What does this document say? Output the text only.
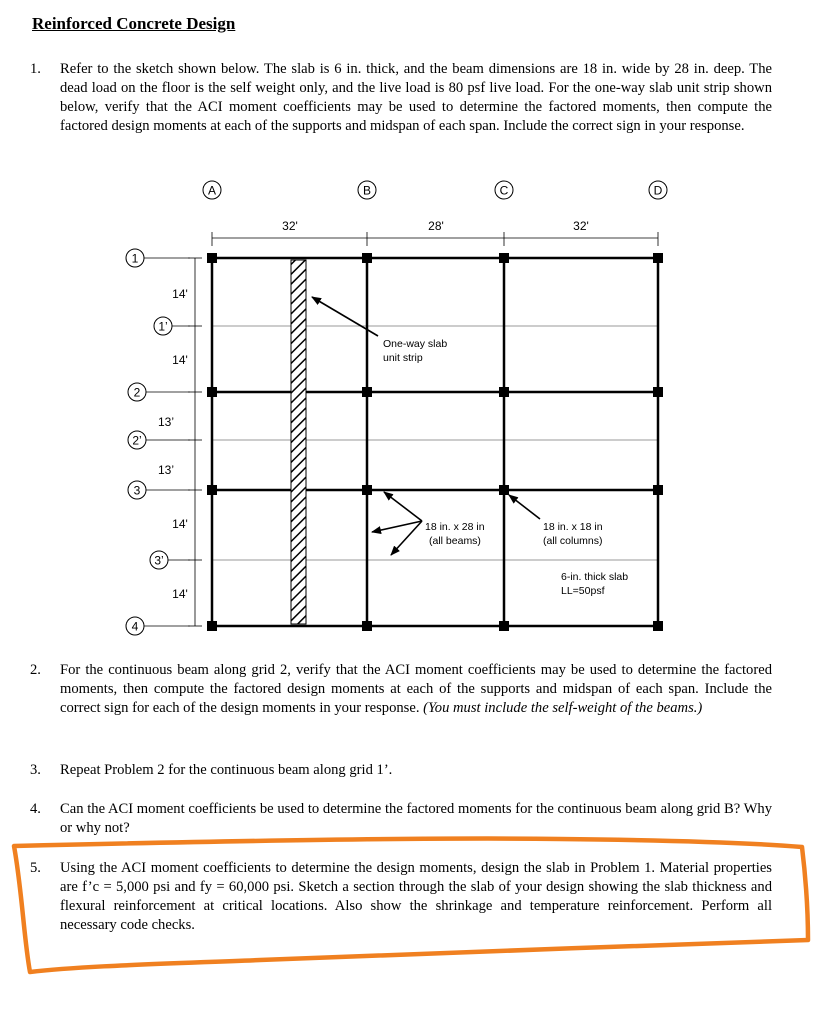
Reinforced Concrete Design
1. Refer to the sketch shown below. The slab is 6 in. thick, and the beam dimensions are 18 in. wide by 28 in. deep. The dead load on the floor is the self weight only, and the live load is 80 psf live load. For the one-way slab unit strip shown below, verify that the ACI moment coefficients may be used to determine the factored moments, then compute the factored design moments at each of the supports and midspan of each span. Include the correct sign in your response.
A	B	C	D
32'	28'	32'
1
1’
2
2’
3
3’
4
14'
14'
13’
13’
14'
14'
One-way slab
unit strip
18 in. x 28 in
(all beams)
18 in. x 18 in
(all columns)
6-in. thick slab
LL=50psf
2. For the continuous beam along grid 2, verify that the ACI moment coefficients may be used to determine the factored moments, then compute the factored design moments at each of the supports and midspan of each span. Include the correct sign for each of the design moments in your response. (You must include the self-weight of the beams.)
3. Repeat Problem 2 for the continuous beam along grid 1’.
4. Can the ACI moment coefficients be used to determine the factored moments for the continuous beam along grid B? Why or why not?
5. Using the ACI moment coefficients to determine the design moments, design the slab in Problem 1. Material properties are f’c = 5,000 psi and fy = 60,000 psi. Sketch a section through the slab of your design showing the slab thickness and flexural reinforcement at critical locations. Also show the shrinkage and temperature reinforcement. Perform all necessary code checks.
